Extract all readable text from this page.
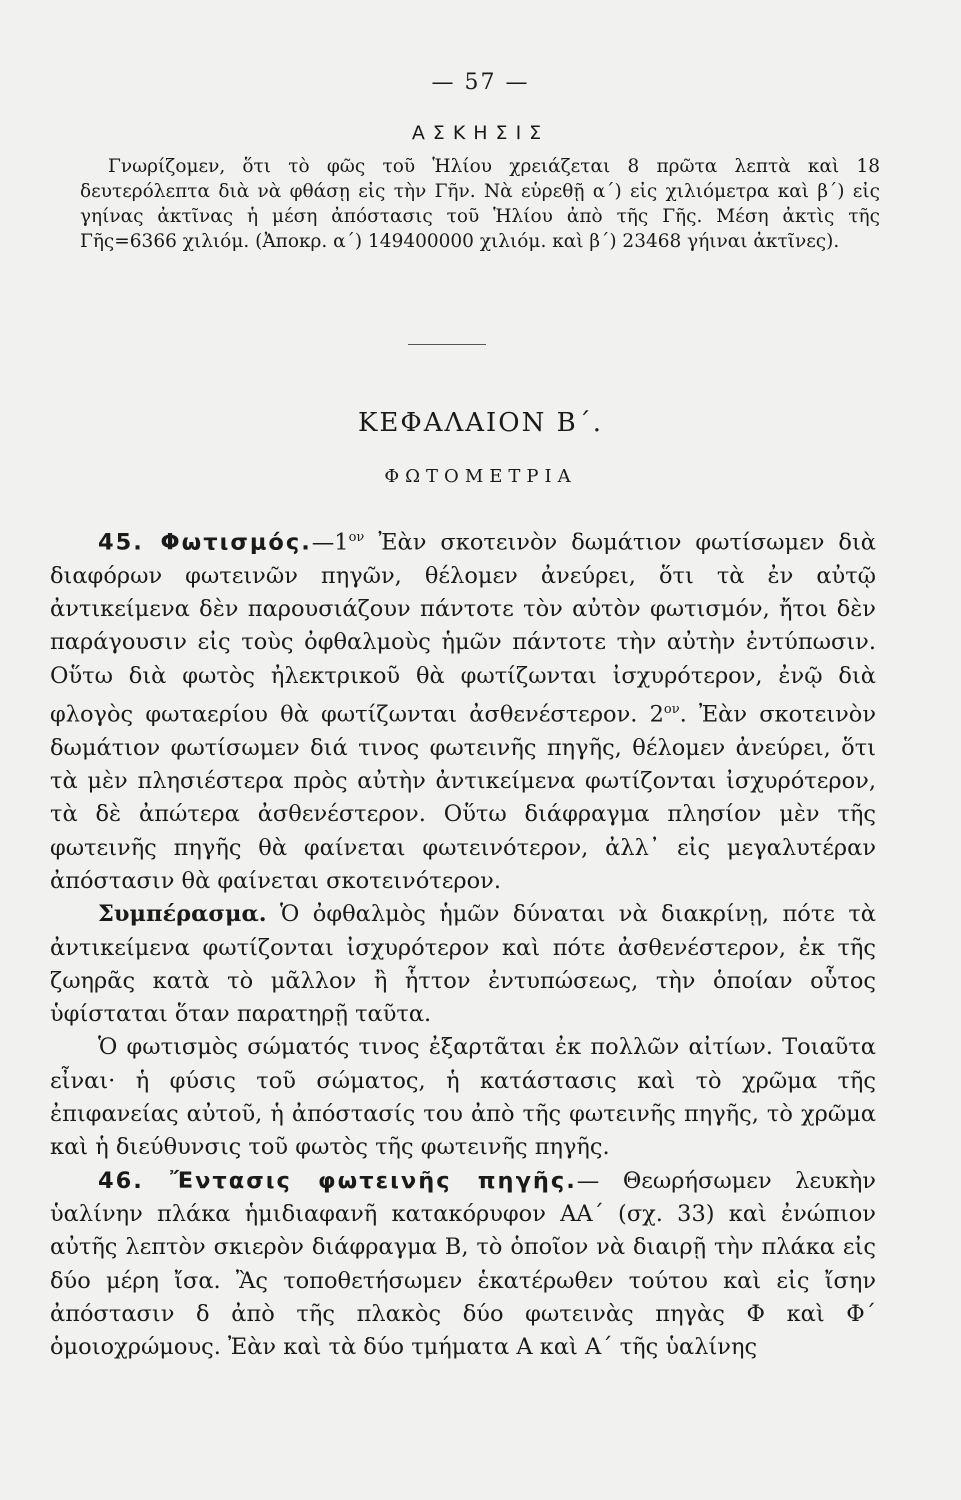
— 57 —
ΑΣΚΗΣΙΣ
Γνωρίζομεν, ὅτι τὸ φῶς τοῦ Ἡλίου χρειάζεται 8 πρῶτα λεπτὰ καὶ 18 δευτερόλεπτα διὰ νὰ φθάσῃ εἰς τὴν Γῆν. Νὰ εὑρεθῇ α΄) εἰς χιλιόμετρα καὶ β΄) εἰς γηίνας ἀκτῖνας ἡ μέση ἀπόστασις τοῦ Ἡλίου ἀπὸ τῆς Γῆς. Μέση ἀκτὶς τῆς Γῆς=6366 χιλιόμ. (Ἀποκρ. α΄) 149400000 χιλιόμ. καὶ β΄) 23468 γήιναι ἀκτῖνες).
ΚΕΦΑΛΑΙΟΝ Β΄.
ΦΩΤΟΜΕΤΡΙΑ

45. $\Phi\omega\tau\iota\sigma\mu ό\varsigma.—1^{o\nu}$ Ἐὰν σκοτεινὸν δωμάτιον φωτίσωμεν διὰ διαφόρων φωτεινῶν πηγῶν, θέλομεν ἀνεύρει, ὅτι τὰ ἐν αὐτῷ ἀντικείμενα δὲν παρουσιάζουν πάντοτε τὸν αὐτὸν φωτισμόν, ἤτοι δὲν παράγουσιν εἰς τοὺς ὀφθαλμοὺς ἡμῶν πάντοτε τὴν αὐτὴν ἐντύπωσιν. Οὕτω διὰ φωτὸς ἠλεκτρικοῦ θὰ φωτίζωνται ἰσχυρότερον, ἐνῷ διὰ φλογὸς φωταερίου θὰ φωτίζωνται ἀσθενέστερον. $2^{o\nu}$. Ἐὰν σκοτεινὸν δωμάτιον φωτίσωμεν διά τινος φωτεινῆς πηγῆς, θέλομεν ἀνεύρει, ὅτι τὰ μὲν πλησιέστερα πρὸς αὐτὴν ἀντικείμενα φωτίζονται ἰσχυρότερον, τὰ δὲ ἀπώτερα ἀσθενέστερον. Οὕτω διάφραγμα πλησίον μὲν τῆς φωτεινῆς πηγῆς θὰ φαίνεται φωτεινότερον, ἀλλ᾽ εἰς μεγαλυτέραν ἀπόστασιν θὰ φαίνεται σκοτεινότερον.

Συμπέρασμα. Ὁ ὀφθαλμὸς ἡμῶν δύναται νὰ διακρίνῃ, πότε τὰ ἀντικείμενα φωτίζονται ἰσχυρότερον καὶ πότε ἀσθενέστερον, ἐκ τῆς ζωηρᾶς κατὰ τὸ μᾶλλον ἢ ἧττον ἐντυπώσεως, τὴν ὁποίαν οὗτος ὑφίσταται ὅταν παρατηρῇ ταῦτα.

Ὁ φωτισμὸς σώματός τινος ἐξαρτᾶται ἐκ πολλῶν αἰτίων. Τοιαῦτα εἶναι· ἡ φύσις τοῦ σώματος, ἡ κατάστασις καὶ τὸ χρῶμα τῆς ἐπιφανείας αὐτοῦ, ἡ ἀπόστασίς του ἀπὸ τῆς φωτεινῆς πηγῆς, τὸ χρῶμα καὶ ἡ διεύθυνσις τοῦ φωτὸς τῆς φωτεινῆς πηγῆς.

46. Ἔντασις φωτεινῆς πηγῆς.— Θεωρήσωμεν λευκὴν ὑαλίνην πλάκα ἡμιδιαφανῆ κατακόρυφον ΑΑ΄ (σχ. 33) καὶ ἐνώπιον αὐτῆς λεπτὸν σκιερὸν διάφραγμα Β, τὸ ὁποῖον νὰ διαιρῇ τὴν πλάκα εἰς δύο μέρη ἴσα. Ἂς τοποθετήσωμεν ἑκατέρωθεν τούτου καὶ εἰς ἴσην ἀπόστασιν δ ἀπὸ τῆς πλακὸς δύο φωτεινὰς πηγὰς Φ καὶ Φ΄ ὁμοιοχρώμους. Ἐὰν καὶ τὰ δύο τμήματα Α καὶ Α΄ τῆς ὑαλίνης
